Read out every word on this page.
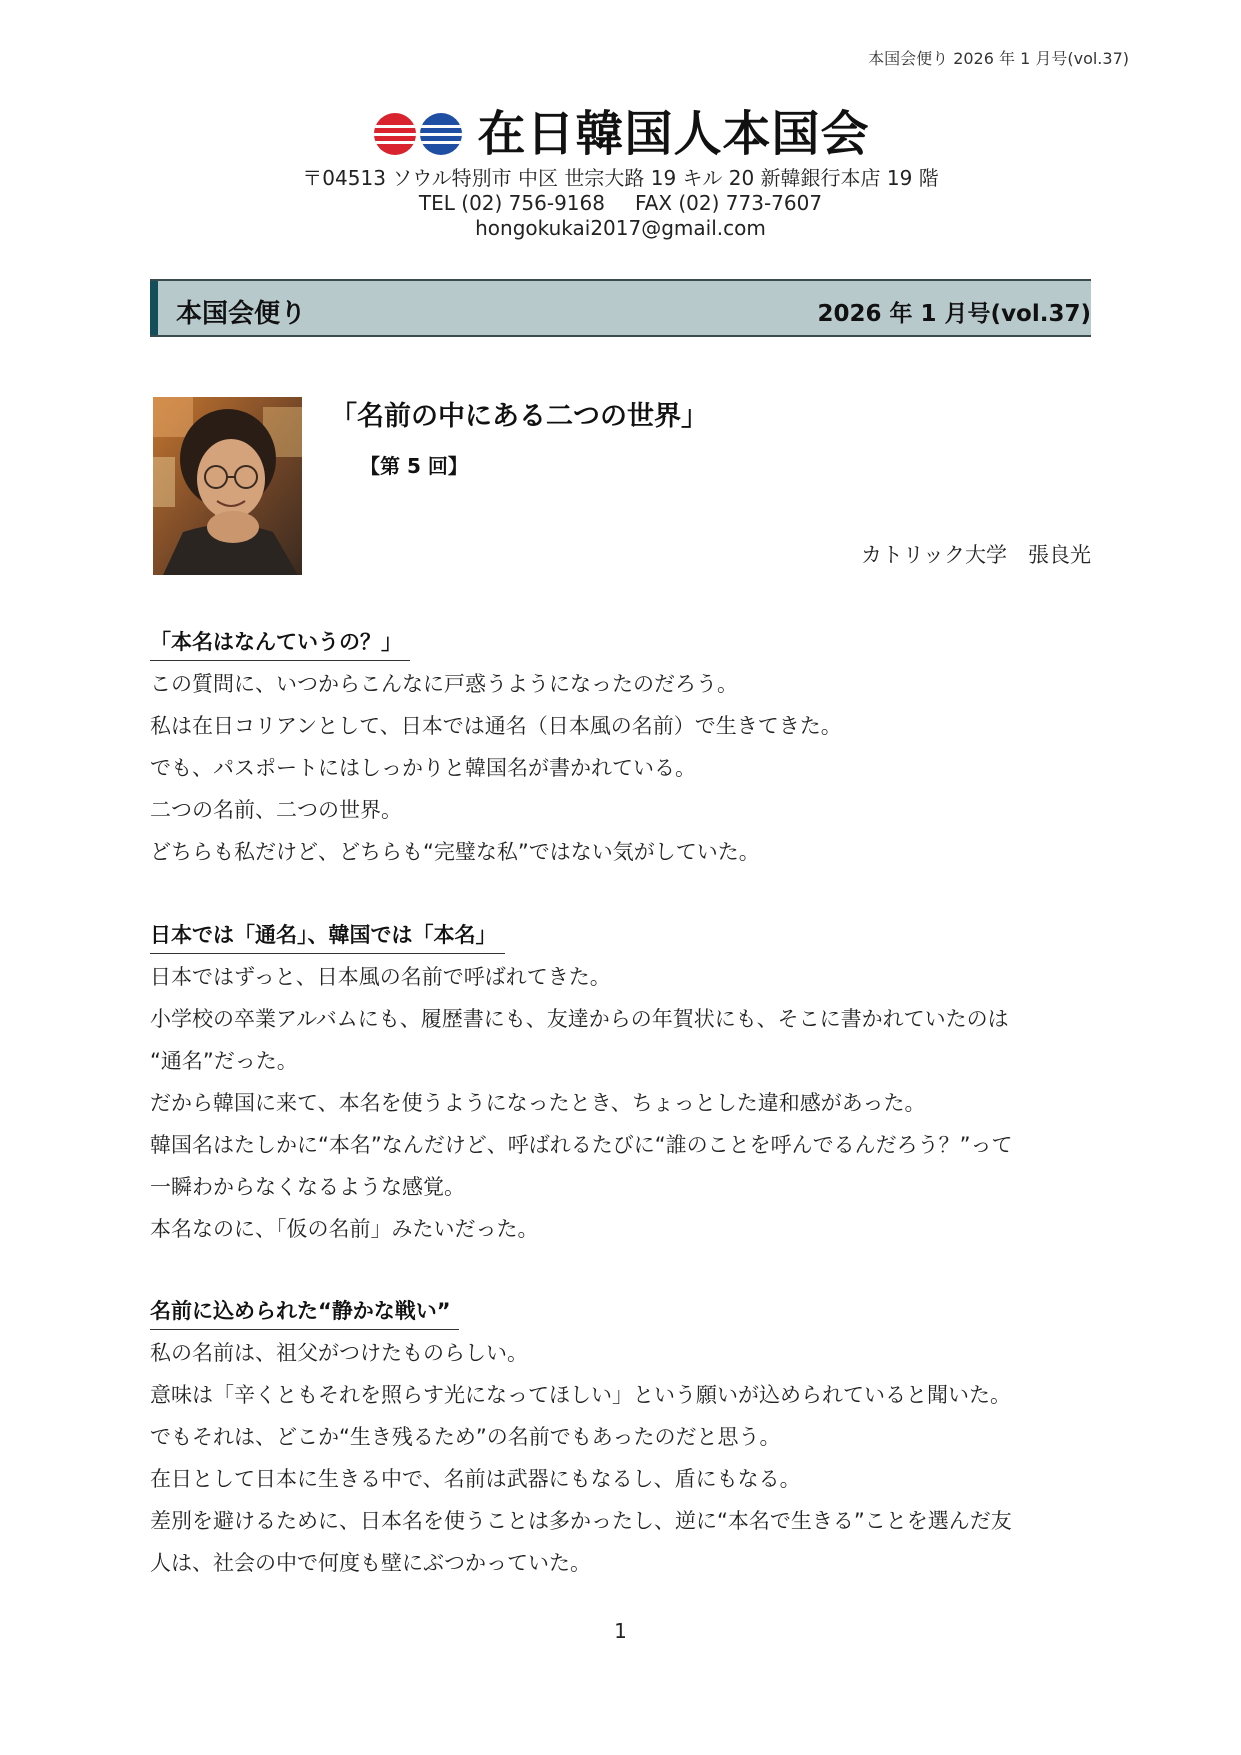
本国会便り 2026 年 1 月号(vol.37)
在日韓国人本国会
〒04513 ソウル特別市 中区 世宗大路 19 キル 20 新韓銀行本店 19 階
TEL (02) 756-9168 FAX (02) 773-7607
hongokukai2017@gmail.com
本国会便り	2026 年 1 月号(vol.37)
「名前の中にある二つの世界」
【第 5 回】
カトリック大学　張良光
「本名はなんていうの？」

この質問に、いつからこんなに戸惑うようになったのだろう。

私は在日コリアンとして、日本では通名（日本風の名前）で生きてきた。

でも、パスポートにはしっかりと韓国名が書かれている。

二つの名前、二つの世界。

どちらも私だけど、どちらも“完璧な私”ではない気がしていた。

日本では「通名」、韓国では「本名」

日本ではずっと、日本風の名前で呼ばれてきた。

小学校の卒業アルバムにも、履歴書にも、友達からの年賀状にも、そこに書かれていたのは

“通名”だった。

だから韓国に来て、本名を使うようになったとき、ちょっとした違和感があった。

韓国名はたしかに“本名”なんだけど、呼ばれるたびに“誰のことを呼んでるんだろう？”って

一瞬わからなくなるような感覚。

本名なのに、「仮の名前」みたいだった。

名前に込められた“静かな戦い”

私の名前は、祖父がつけたものらしい。

意味は「辛くともそれを照らす光になってほしい」という願いが込められていると聞いた。

でもそれは、どこか“生き残るため”の名前でもあったのだと思う。

在日として日本に生きる中で、名前は武器にもなるし、盾にもなる。

差別を避けるために、日本名を使うことは多かったし、逆に“本名で生きる”ことを選んだ友

人は、社会の中で何度も壁にぶつかっていた。

1
